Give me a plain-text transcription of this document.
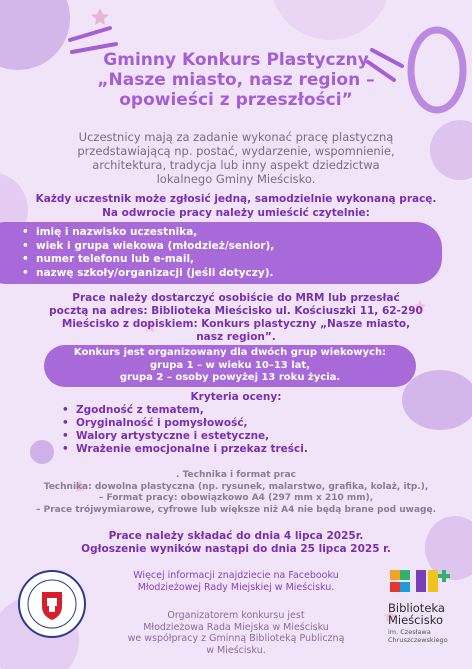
Gminny Konkurs Plastyczny
„Nasze miasto, nasz region –
opowieści z przeszłości”
Uczestnicy mają za zadanie wykonać pracę plastyczną
przedstawiającą np. postać, wydarzenie, wspomnienie,
architektura, tradycja lub inny aspekt dziedzictwa
lokalnego Gminy Mieścisko.
Każdy uczestnik może zgłosić jedną, samodzielnie wykonaną pracę.
Na odwrocie pracy należy umieścić czytelnie:
• imię i nazwisko uczestnika,
• wiek i grupa wiekowa (młodzież/senior),
• numer telefonu lub e-mail,
• nazwę szkoły/organizacji (jeśli dotyczy).
Prace należy dostarczyć osobiście do MRM lub przesłać
pocztą na adres: Biblioteka Mieścisko ul. Kościuszki 11, 62-290
Mieścisko z dopiskiem: Konkurs plastyczny „Nasze miasto,
nasz region”.
Konkurs jest organizowany dla dwóch grup wiekowych:
grupa 1 – w wieku 10–13 lat,
grupa 2 – osoby powyżej 13 roku życia.
Kryteria oceny:
• Zgodność z tematem,
• Oryginalność i pomysłowość,
• Walory artystyczne i estetyczne,
• Wrażenie emocjonalne i przekaz treści.
. Technika i format prac
Technika: dowolna plastyczna (np. rysunek, malarstwo, grafika, kolaż, itp.),
– Format pracy: obowiązkowo A4 (297 mm x 210 mm),
– Prace trójwymiarowe, cyfrowe lub większe niż A4 nie będą brane pod uwagę.
Prace należy składać do dnia 4 lipca 2025r.
Ogłoszenie wyników nastąpi do dnia 25 lipca 2025 r.
Więcej informacji znajdziecie na Facebooku
Młodzieżowej Rady Miejskiej w Mieścisku.
Organizatorem konkursu jest
Młodzieżowa Rada Miejska w Mieścisku
we współpracy z Gminną Biblioteką Publiczną
w Mieścisku.
Biblioteka
Mieścisko
im. Czesława
Chruszczewskiego
